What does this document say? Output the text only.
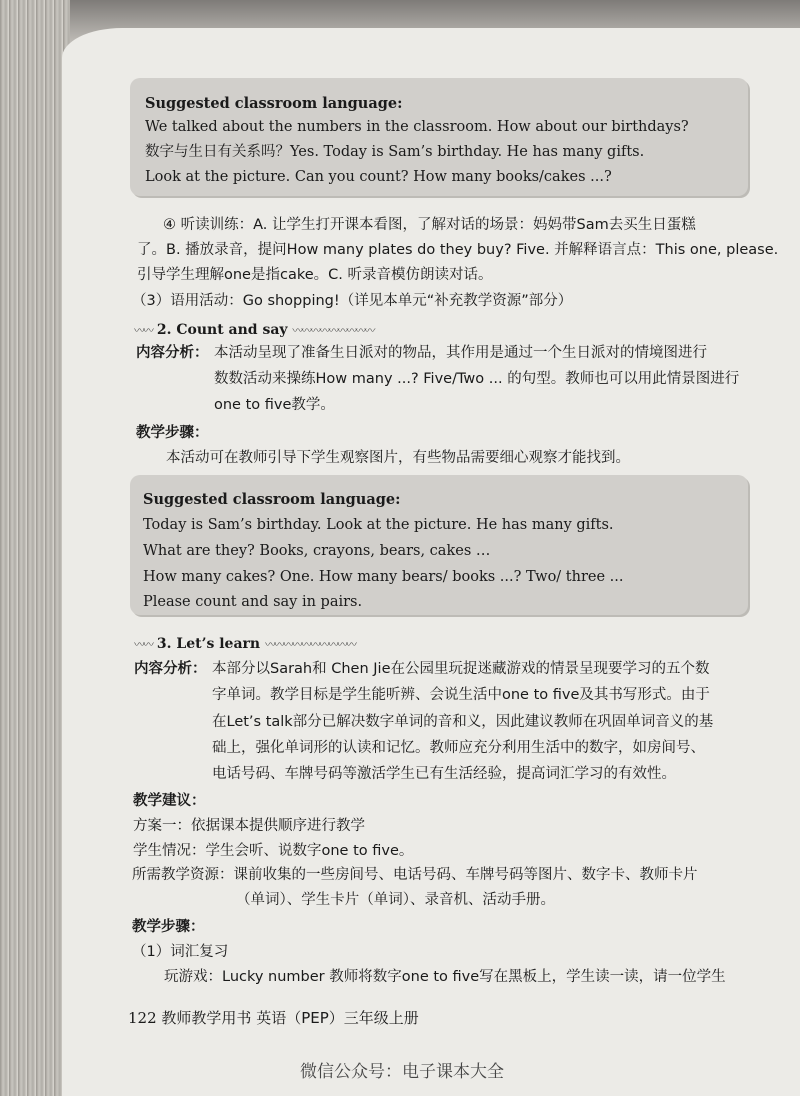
Suggested classroom language:
We talked about the numbers in the classroom. How about our birthdays?
数字与生日有关系吗？Yes. Today is Sam’s birthday. He has many gifts.
Look at the picture. Can you count? How many books/cakes ...?
④ 听读训练：A. 让学生打开课本看图，了解对话的场景：妈妈带Sam去买生日蛋糕
了。B. 播放录音，提问How many plates do they buy? Five. 并解释语言点：This one, please.
引导学生理解one是指cake。C. 听录音模仿朗读对话。
（3）语用活动：Go shopping!（详见本单元“补充教学资源”部分）
〰〰 2. Count and say 〰〰〰〰〰〰〰〰〰
内容分析： 本活动呈现了准备生日派对的物品，其作用是通过一个生日派对的情境图进行
数数活动来操练How many ...? Five/Two ... 的句型。教师也可以用此情景图进行
one to five教学。
教学步骤：
本活动可在教师引导下学生观察图片，有些物品需要细心观察才能找到。
Suggested classroom language:
Today is Sam’s birthday. Look at the picture. He has many gifts.
What are they? Books, crayons, bears, cakes …
How many cakes? One. How many bears/ books ...? Two/ three ...
Please count and say in pairs.
〰〰 3. Let’s learn 〰〰〰〰〰〰〰〰〰〰
内容分析： 本部分以Sarah和 Chen Jie在公园里玩捉迷藏游戏的情景呈现要学习的五个数
字单词。教学目标是学生能听辨、会说生活中one to five及其书写形式。由于
在Let’s talk部分已解决数字单词的音和义，因此建议教师在巩固单词音义的基
础上，强化单词形的认读和记忆。教师应充分利用生活中的数字，如房间号、
电话号码、车牌号码等激活学生已有生活经验，提高词汇学习的有效性。
教学建议：
方案一：依据课本提供顺序进行教学
学生情况：学生会听、说数字one to five。
所需教学资源：课前收集的一些房间号、电话号码、车牌号码等图片、数字卡、教师卡片
（单词）、学生卡片（单词）、录音机、活动手册。
教学步骤：
（1）词汇复习
玩游戏：Lucky number 教师将数字one to five写在黑板上，学生读一读，请一位学生
122 教师教学用书 英语（PEP）三年级上册
微信公众号：电子课本大全
